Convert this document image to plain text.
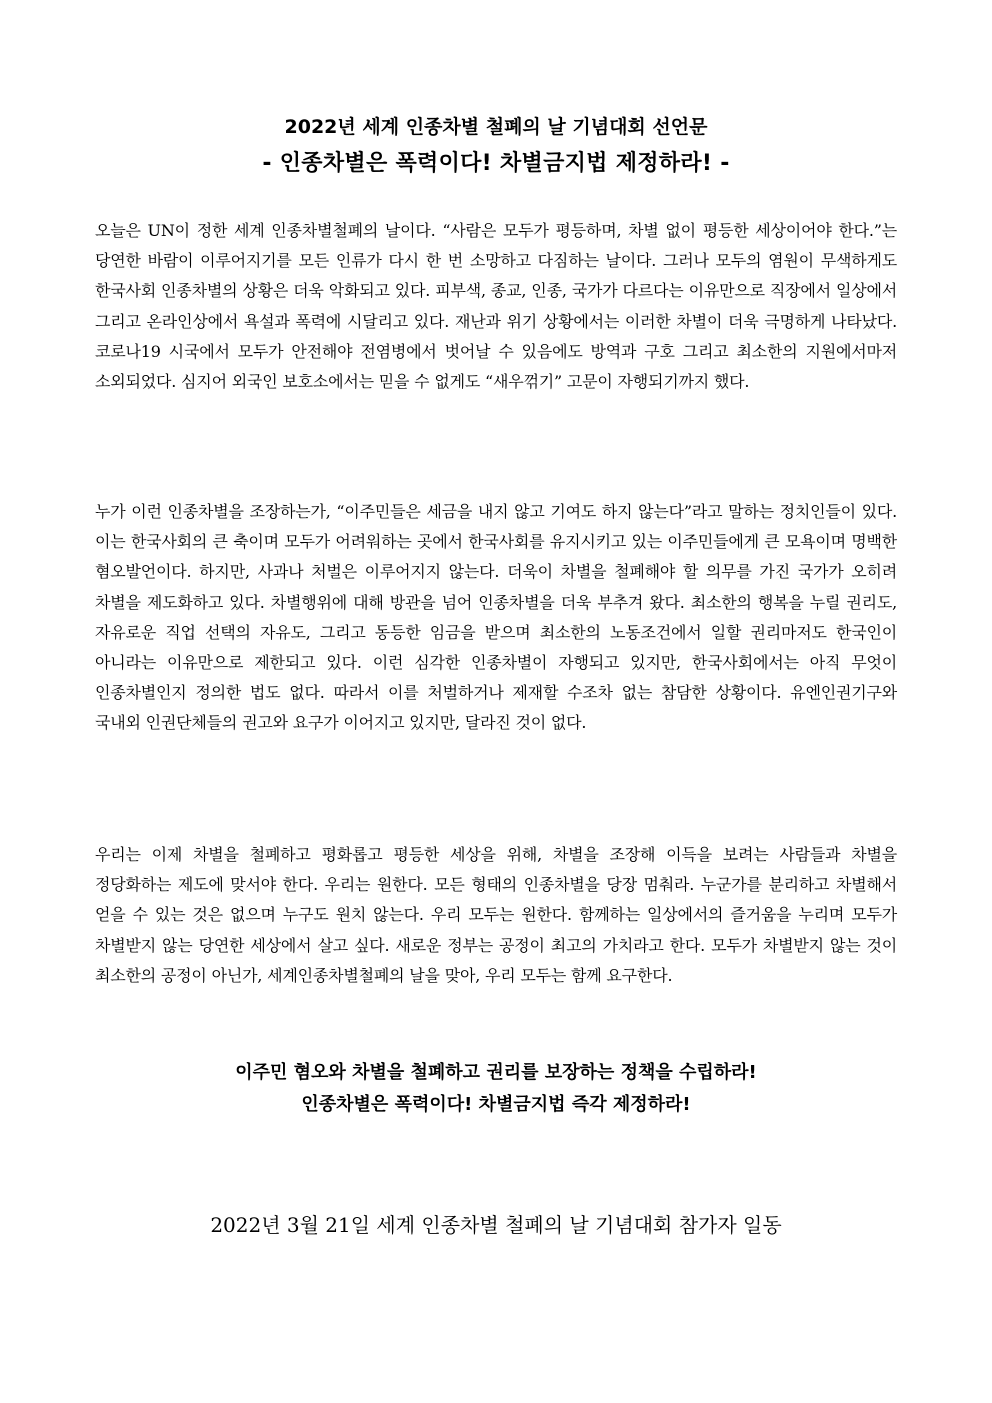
2022년 세계 인종차별 철폐의 날 기념대회 선언문
- 인종차별은 폭력이다! 차별금지법 제정하라! -

오늘은 UN이 정한 세계 인종차별철폐의 날이다. “사람은 모두가 평등하며, 차별 없이 평등한 세상이어야 한다.”는 당연한 바람이 이루어지기를 모든 인류가 다시 한 번 소망하고 다짐하는 날이다. 그러나 모두의 염원이 무색하게도 한국사회 인종차별의 상황은 더욱 악화되고 있다. 피부색, 종교, 인종, 국가가 다르다는 이유만으로 직장에서 일상에서 그리고 온라인상에서 욕설과 폭력에 시달리고 있다. 재난과 위기 상황에서는 이러한 차별이 더욱 극명하게 나타났다. 코로나19 시국에서 모두가 안전해야 전염병에서 벗어날 수 있음에도 방역과 구호 그리고 최소한의 지원에서마저 소외되었다. 심지어 외국인 보호소에서는 믿을 수 없게도 “새우꺾기” 고문이 자행되기까지 했다.

누가 이런 인종차별을 조장하는가, “이주민들은 세금을 내지 않고 기여도 하지 않는다”라고 말하는 정치인들이 있다. 이는 한국사회의 큰 축이며 모두가 어려워하는 곳에서 한국사회를 유지시키고 있는 이주민들에게 큰 모욕이며 명백한 혐오발언이다. 하지만, 사과나 처벌은 이루어지지 않는다. 더욱이 차별을 철폐해야 할 의무를 가진 국가가 오히려 차별을 제도화하고 있다. 차별행위에 대해 방관을 넘어 인종차별을 더욱 부추겨 왔다. 최소한의 행복을 누릴 권리도, 자유로운 직업 선택의 자유도, 그리고 동등한 임금을 받으며 최소한의 노동조건에서 일할 권리마저도 한국인이 아니라는 이유만으로 제한되고 있다. 이런 심각한 인종차별이 자행되고 있지만, 한국사회에서는 아직 무엇이 인종차별인지 정의한 법도 없다. 따라서 이를 처벌하거나 제재할 수조차 없는 참담한 상황이다. 유엔인권기구와 국내외 인권단체들의 권고와 요구가 이어지고 있지만, 달라진 것이 없다.

우리는 이제 차별을 철폐하고 평화롭고 평등한 세상을 위해, 차별을 조장해 이득을 보려는 사람들과 차별을 정당화하는 제도에 맞서야 한다. 우리는 원한다. 모든 형태의 인종차별을 당장 멈춰라. 누군가를 분리하고 차별해서 얻을 수 있는 것은 없으며 누구도 원치 않는다. 우리 모두는 원한다. 함께하는 일상에서의 즐거움을 누리며 모두가 차별받지 않는 당연한 세상에서 살고 싶다. 새로운 정부는 공정이 최고의 가치라고 한다. 모두가 차별받지 않는 것이 최소한의 공정이 아닌가, 세계인종차별철폐의 날을 맞아, 우리 모두는 함께 요구한다.

이주민 혐오와 차별을 철폐하고 권리를 보장하는 정책을 수립하라!
인종차별은 폭력이다! 차별금지법 즉각 제정하라!
2022년 3월 21일 세계 인종차별 철폐의 날 기념대회 참가자 일동
